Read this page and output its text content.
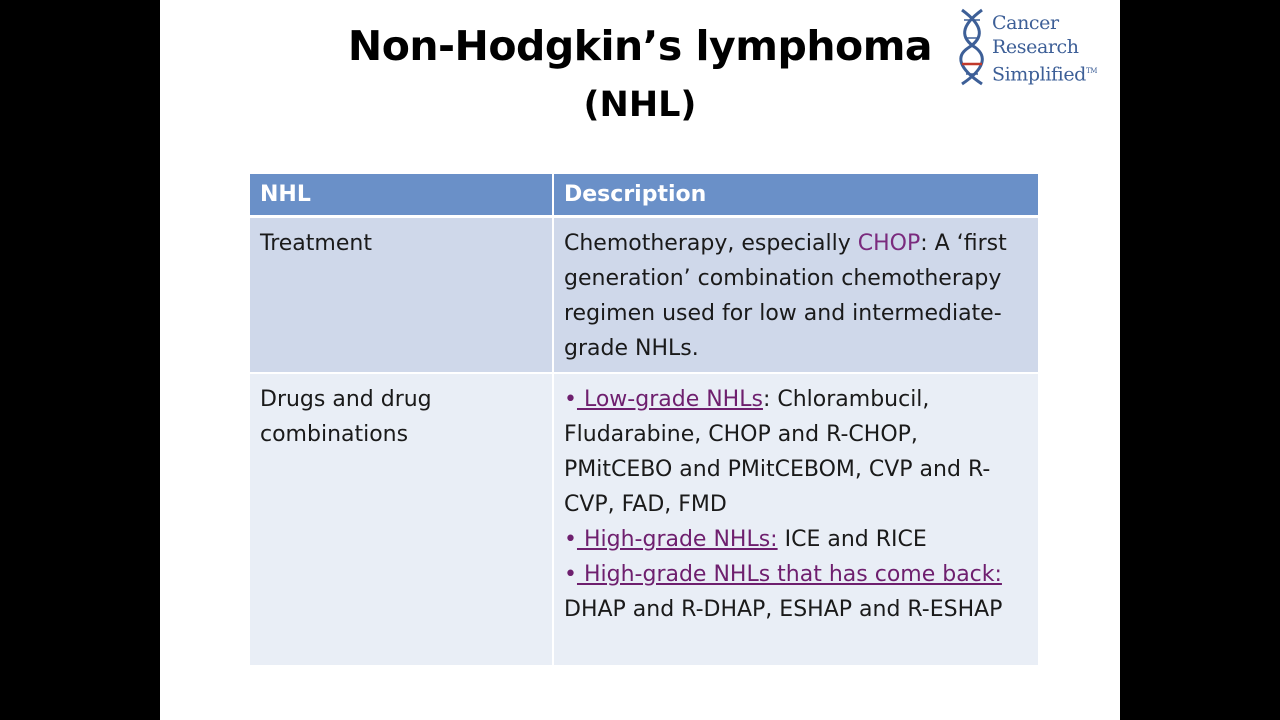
Non-Hodgkin’s lymphoma
(NHL)
Cancer
Research
Simplified™
NHL	Description
Treatment	Chemotherapy, especially CHOP: A ‘first generation’ combination chemotherapy regimen used for low and intermediate-grade NHLs.
Drugs and drug combinations	• Low-grade NHLs: Chlorambucil, Fludarabine, CHOP and R-CHOP, PMitCEBO and PMitCEBOM, CVP and R-CVP, FAD, FMD
• High-grade NHLs: ICE and RICE
• High-grade NHLs that has come back: DHAP and R-DHAP, ESHAP and R-ESHAP
